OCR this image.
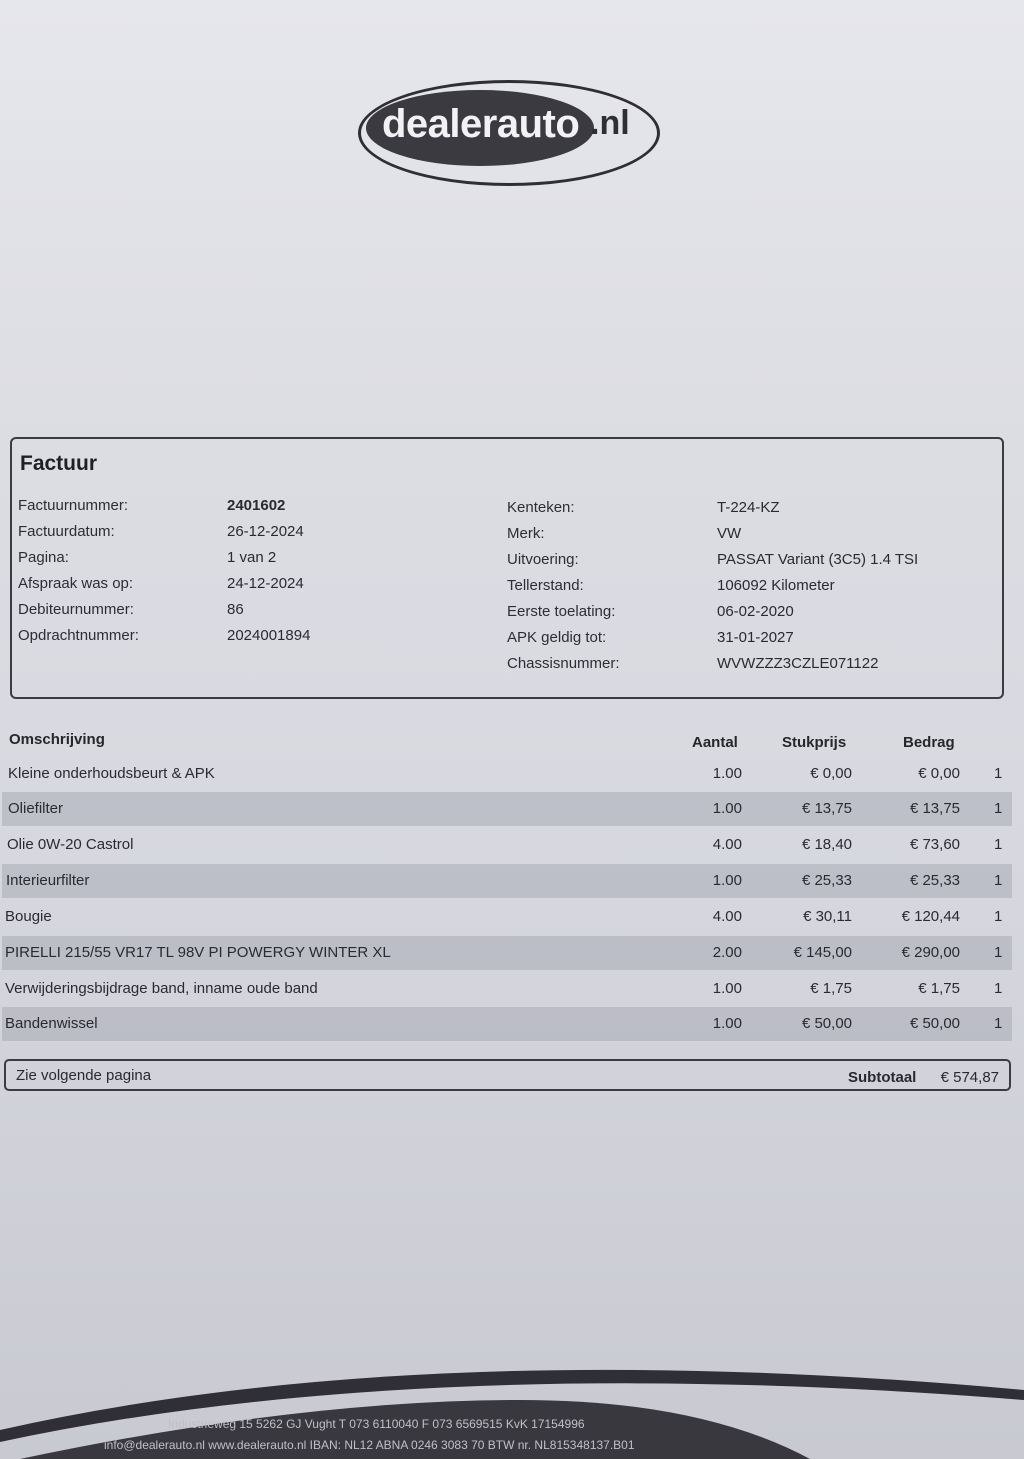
dealerauto .nl
Factuur
Factuurnummer:	2401602
Factuurdatum:	26-12-2024
Pagina:	1 van 2
Afspraak was op:	24-12-2024
Debiteurnummer:	86
Opdrachtnummer:	2024001894
Kenteken:	T-224-KZ
Merk:	VW
Uitvoering:	PASSAT Variant (3C5) 1.4 TSI
Tellerstand:	106092 Kilometer
Eerste toelating:	06-02-2020
APK geldig tot:	31-01-2027
Chassisnummer:	WVWZZZ3CZLE071122
Omschrijving	Aantal	Stukprijs	Bedrag
Kleine onderhoudsbeurt & APK	1.00	€ 0,00	€ 0,00 1
Oliefilter	1.00	€ 13,75	€ 13,75 1
Olie 0W-20 Castrol	4.00	€ 18,40	€ 73,60 1
Interieurfilter	1.00	€ 25,33	€ 25,33 1
Bougie	4.00	€ 30,11	€ 120,44 1
PIRELLI 215/55 VR17 TL 98V PI POWERGY WINTER XL	2.00	€ 145,00	€ 290,00 1
Verwijderingsbijdrage band, inname oude band	1.00	€ 1,75	€ 1,75 1
Bandenwissel	1.00	€ 50,00	€ 50,00 1
Zie volgende pagina	Subtotaal € 574,87
Industrieweg 15 5262 GJ Vught T 073 6110040 F 073 6569515 KvK 17154996
info@dealerauto.nl www.dealerauto.nl IBAN: NL12 ABNA 0246 3083 70 BTW nr. NL815348137.B01
